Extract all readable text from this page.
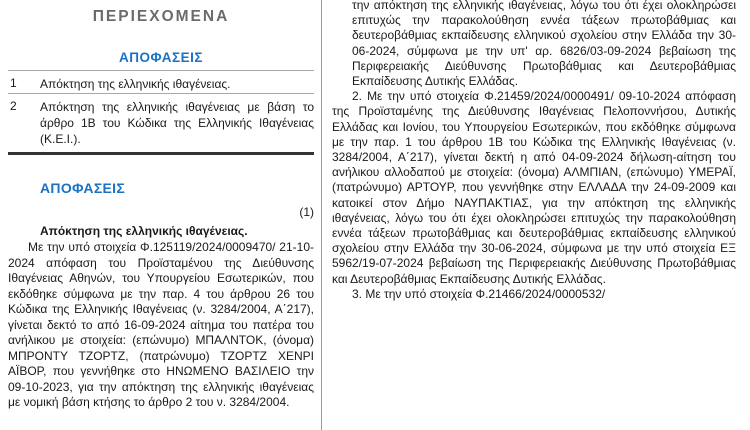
ΠΕΡΙΕΧΟΜΕΝΑ
ΑΠΟΦΑΣΕΙΣ
1 Απόκτηση της ελληνικής ιθαγένειας.
2 Απόκτηση της ελληνικής ιθαγένειας με βάση το άρθρο 1Β του Κώδικα της Ελληνικής Ιθαγένειας (Κ.Ε.Ι.).
ΑΠΟΦΑΣΕΙΣ
(1)
Απόκτηση της ελληνικής ιθαγένειας.

Με την υπό στοιχεία Φ.125119/2024/0009470/ 21-10-2024 απόφαση του Προϊσταμένου της Διεύθυνσης Ιθαγένειας Αθηνών, του Υπουργείου Εσωτερικών, που εκδόθηκε σύμφωνα με την παρ. 4 του άρθρου 26 του Κώδικα της Ελληνικής Ιθαγένειας (ν. 3284/2004, Α΄217), γίνεται δεκτό το από 16-09-2024 αίτημα του πατέρα του ανήλικου με στοιχεία: (επώνυμο) ΜΠΑΛΝΤΟΚ, (όνομα) ΜΠΡΟΝΤΥ ΤΖΟΡΤΖ, (πατρώνυμο) ΤΖΟΡΤΖ ΧΕΝΡΙ ΑΪΒΟΡ, που γεννήθηκε στο ΗΝΩΜΕΝΟ ΒΑΣΙΛΕΙΟ την 09-10-2023, για την απόκτηση της ελληνικής ιθαγένειας με νομική βάση κτήσης το άρθρο 2 του ν. 3284/2004.

την απόκτηση της ελληνικής ιθαγένειας, λόγω του ότι έχει ολοκληρώσει επιτυχώς την παρακολούθηση εννέα τάξεων πρωτοβάθμιας και δευτεροβάθμιας εκπαίδευσης ελληνικού σχολείου στην Ελλάδα την 30-06-2024, σύμφωνα με την υπ' αρ. 6826/03-09-2024 βεβαίωση της Περιφερειακής Διεύθυνσης Πρωτοβάθμιας και Δευτεροβάθμιας Εκπαίδευσης Δυτικής Ελλάδας.

2. Με την υπό στοιχεία Φ.21459/2024/0000491/ 09-10-2024 απόφαση της Προϊσταμένης της Διεύθυνσης Ιθαγένειας Πελοποννήσου, Δυτικής Ελλάδας και Ιονίου, του Υπουργείου Εσωτερικών, που εκδόθηκε σύμφωνα με την παρ. 1 του άρθρου 1Β του Κώδικα της Ελληνικής Ιθαγένειας (ν. 3284/2004, Α΄217), γίνεται δεκτή η από 04-09-2024 δήλωση-αίτηση του ανήλικου αλλοδαπού με στοιχεία: (όνομα) ΑΛΜΠΙΑΝ, (επώνυμο) ΥΜΕΡΑΪ, (πατρώνυμο) ΑΡΤΟΥΡ, που γεννήθηκε στην ΕΛΛΑΔΑ την 24-09-2009 και κατοικεί στον Δήμο ΝΑΥΠΑΚΤΙΑΣ, για την απόκτηση της ελληνικής ιθαγένειας, λόγω του ότι έχει ολοκληρώσει επιτυχώς την παρακολούθηση εννέα τάξεων πρωτοβάθμιας και δευτεροβάθμιας εκπαίδευσης ελληνικού σχολείου στην Ελλάδα την 30-06-2024, σύμφωνα με την υπό στοιχεία ΕΞ 5962/19-07-2024 βεβαίωση της Περιφερειακής Διεύθυνσης Πρωτοβάθμιας και Δευτεροβάθμιας Εκπαίδευσης Δυτικής Ελλάδας.

3. Με την υπό στοιχεία Φ.21466/2024/0000532/
